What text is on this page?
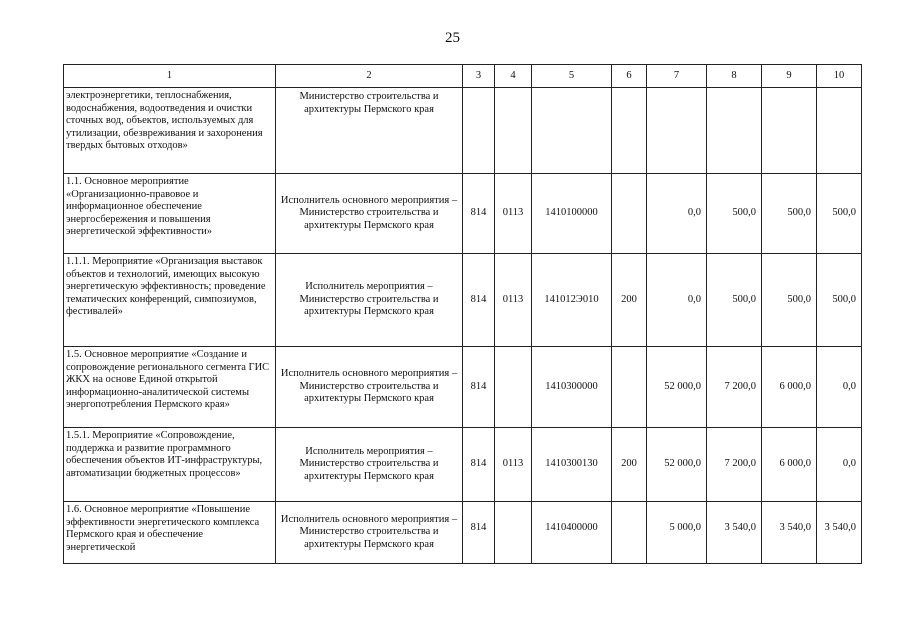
25
1	2	3	4	5	6	7	8	9	10
электроэнергетики, теплоснабжения, водоснабжения, водоотведения и очистки сточных вод, объектов, используемых для утилизации, обезвреживания и захоронения твердых бытовых отходов»	Министерство строительства и архитектуры Пермского края								
1.1. Основное мероприятие «Организационно-правовое и информационное обеспечение энергосбережения и повышения энергетической эффективности»	Исполнитель основного мероприятия – Министерство строительства и архитектуры Пермского края	814	0113	1410100000		0,0	500,0	500,0	500,0
1.1.1. Мероприятие «Организация выставок объектов и технологий, имеющих высокую энергетическую эффективность; проведение тематических конференций, симпозиумов, фестивалей»	Исполнитель мероприятия – Министерство строительства и архитектуры Пермского края	814	0113	141012Э010	200	0,0	500,0	500,0	500,0
1.5. Основное мероприятие «Создание и сопровождение регионального сегмента ГИС ЖКХ на основе Единой открытой информационно-аналитической системы энергопотребления Пермского края»	Исполнитель основного мероприятия – Министерство строительства и архитектуры Пермского края	814		1410300000		52 000,0	7 200,0	6 000,0	0,0
1.5.1. Мероприятие «Сопровождение, поддержка и развитие программного обеспечения объектов ИТ-инфраструктуры, автоматизации бюджетных процессов»	Исполнитель мероприятия – Министерство строительства и архитектуры Пермского края	814	0113	1410300130	200	52 000,0	7 200,0	6 000,0	0,0
1.6. Основное мероприятие «Повышение эффективности энергетического комплекса Пермского края и обеспечение энергетической	Исполнитель основного мероприятия – Министерство строительства и архитектуры Пермского края	814		1410400000		5 000,0	3 540,0	3 540,0	3 540,0
